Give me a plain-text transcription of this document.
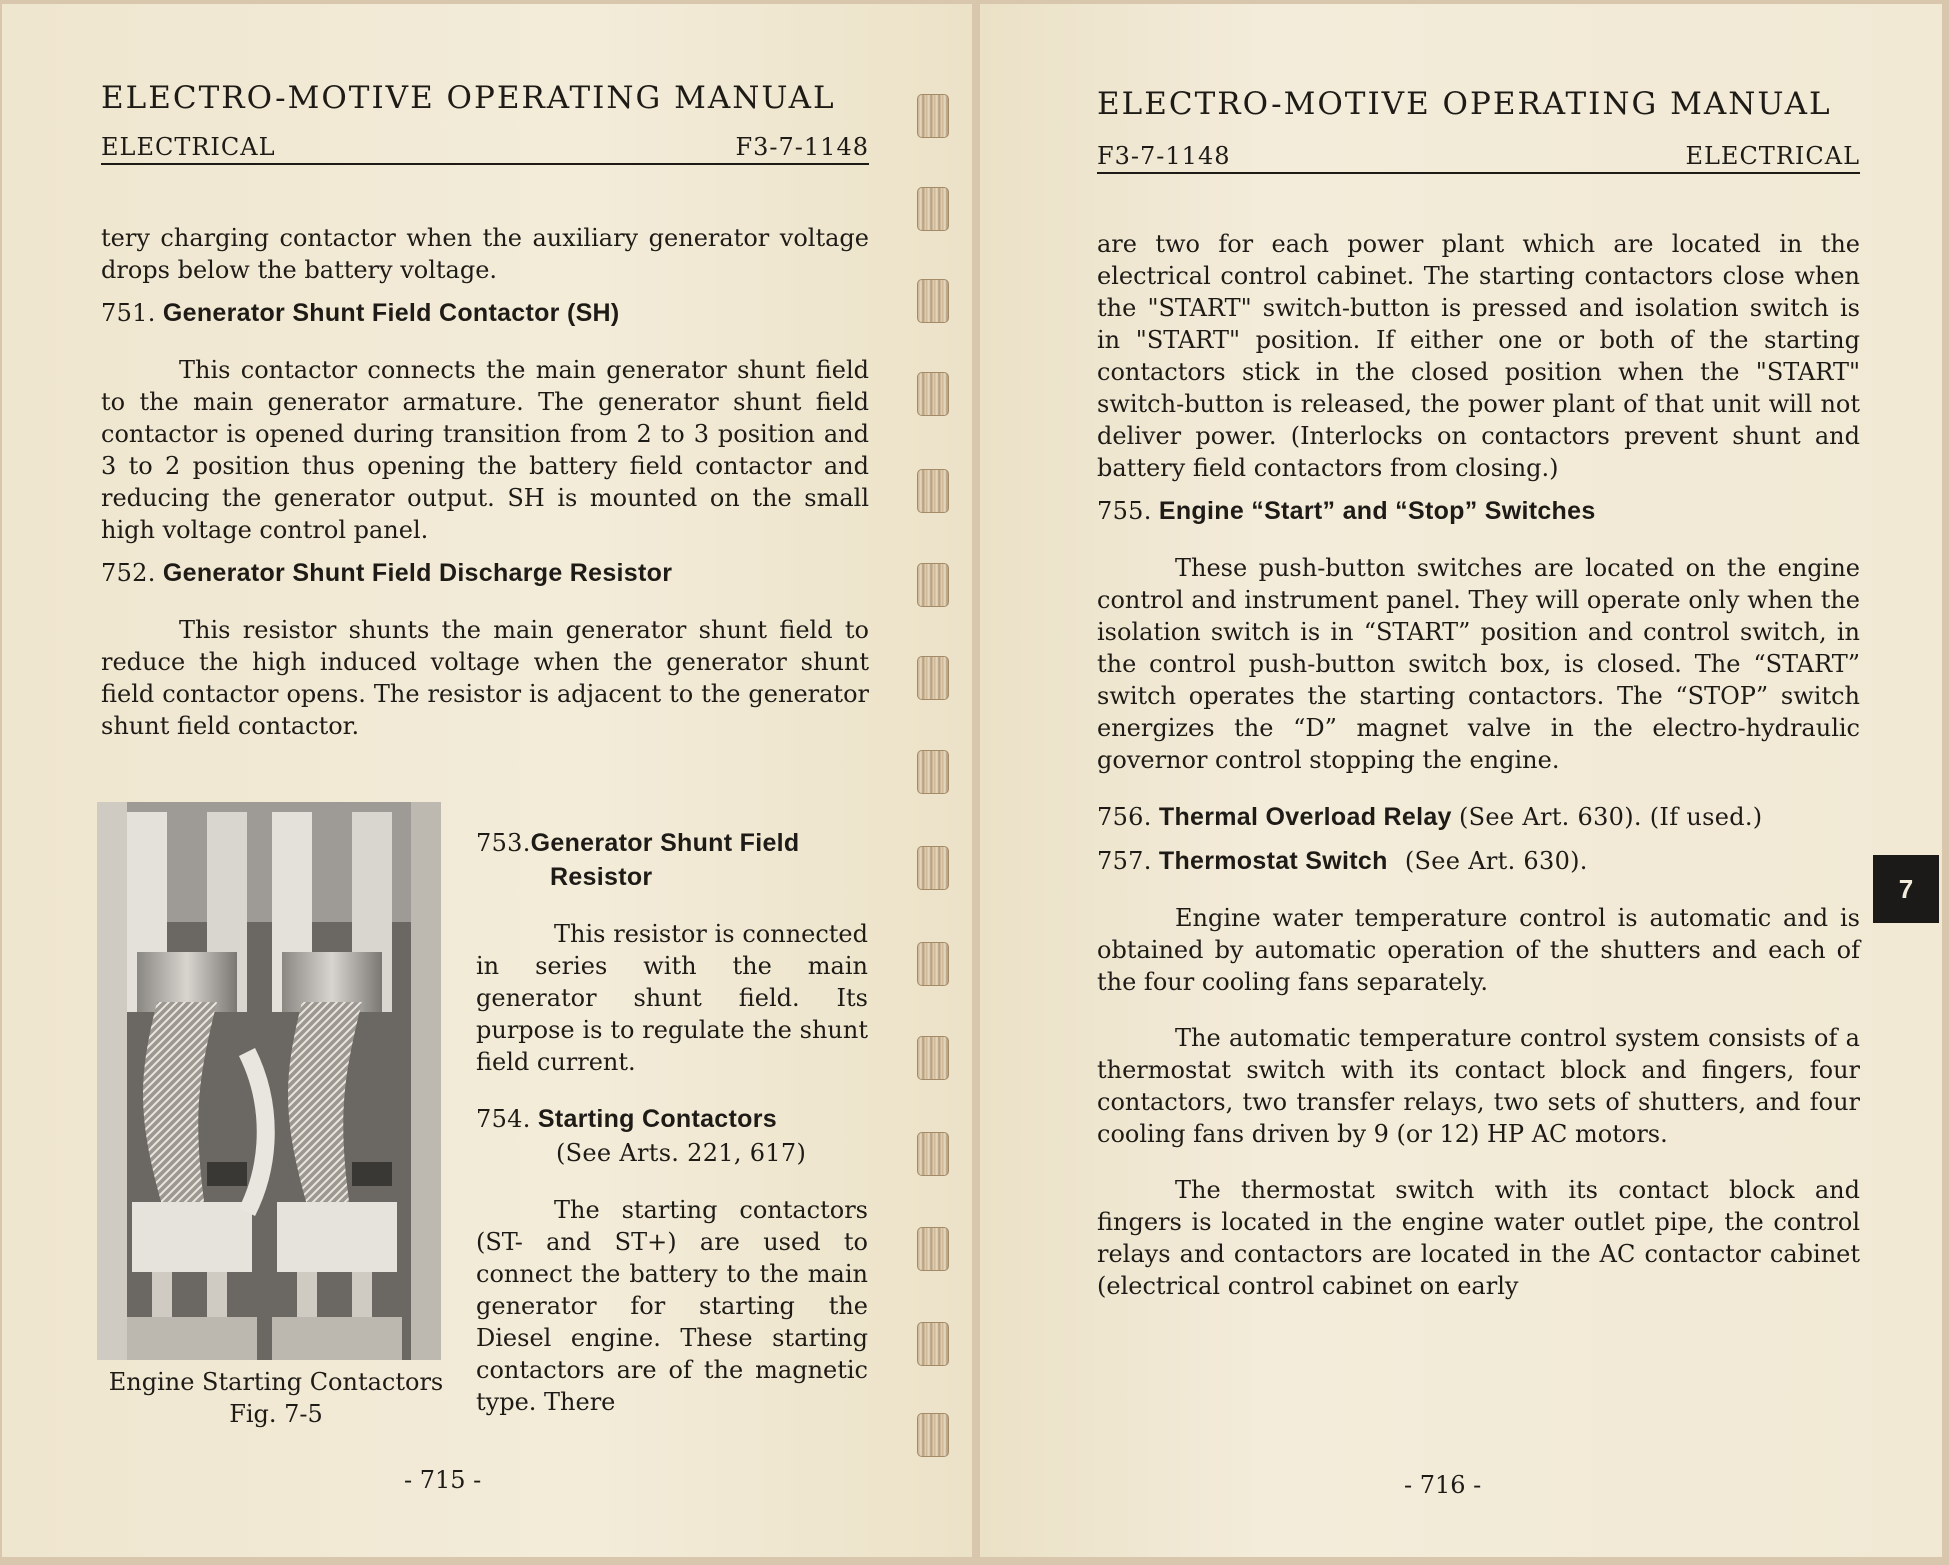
ELECTRO-MOTIVE OPERATING MANUAL
ELECTRICAL	F3-7-1148

tery charging contactor when the auxiliary generator voltage drops below the battery voltage.

751. Generator Shunt Field Contactor (SH)

This contactor connects the main generator shunt field to the main generator armature. The generator shunt field contactor is opened during transition from 2 to 3 position and 3 to 2 position thus opening the battery field contactor and reducing the generator output. SH is mounted on the small high voltage control panel.

752. Generator Shunt Field Discharge Resistor

This resistor shunts the main generator shunt field to reduce the high induced voltage when the generator shunt field contactor opens. The resistor is adjacent to the generator shunt field contactor.

Engine Starting Contactors
Fig. 7-5
753.Generator Shunt Field
Resistor

This resistor is connected in series with the main generator shunt field. Its purpose is to regulate the shunt field current.

754. Starting Contactors
(See Arts. 221, 617)

The starting contactors (ST- and ST+) are used to connect the battery to the main generator for starting the Diesel engine. These starting contactors are of the magnetic type. There

- 715 -
ELECTRO-MOTIVE OPERATING MANUAL
F3-7-1148	ELECTRICAL

are two for each power plant which are located in the electrical control cabinet. The starting contactors close when the "START" switch-button is pressed and isolation switch is in "START" position. If either one or both of the starting contactors stick in the closed position when the "START" switch-button is released, the power plant of that unit will not deliver power. (Interlocks on contactors prevent shunt and battery field contactors from closing.)

755. Engine “Start” and “Stop” Switches

These push-button switches are located on the engine control and instrument panel. They will operate only when the isolation switch is in “START” position and control switch, in the control push-button switch box, is closed. The “START” switch operates the starting contactors. The “STOP” switch energizes the “D” magnet valve in the electro-hydraulic governor control stopping the engine.

756. Thermal Overload Relay (See Art. 630). (If used.)
757. Thermostat Switch (See Art. 630).

Engine water temperature control is automatic and is obtained by automatic operation of the shutters and each of the four cooling fans separately.

The automatic temperature control system consists of a thermostat switch with its contact block and fingers, four contactors, two transfer relays, two sets of shutters, and four cooling fans driven by 9 (or 12) HP AC motors.

The thermostat switch with its contact block and fingers is located in the engine water outlet pipe, the control relays and contactors are located in the AC contactor cabinet (electrical control cabinet on early

- 716 -
7
